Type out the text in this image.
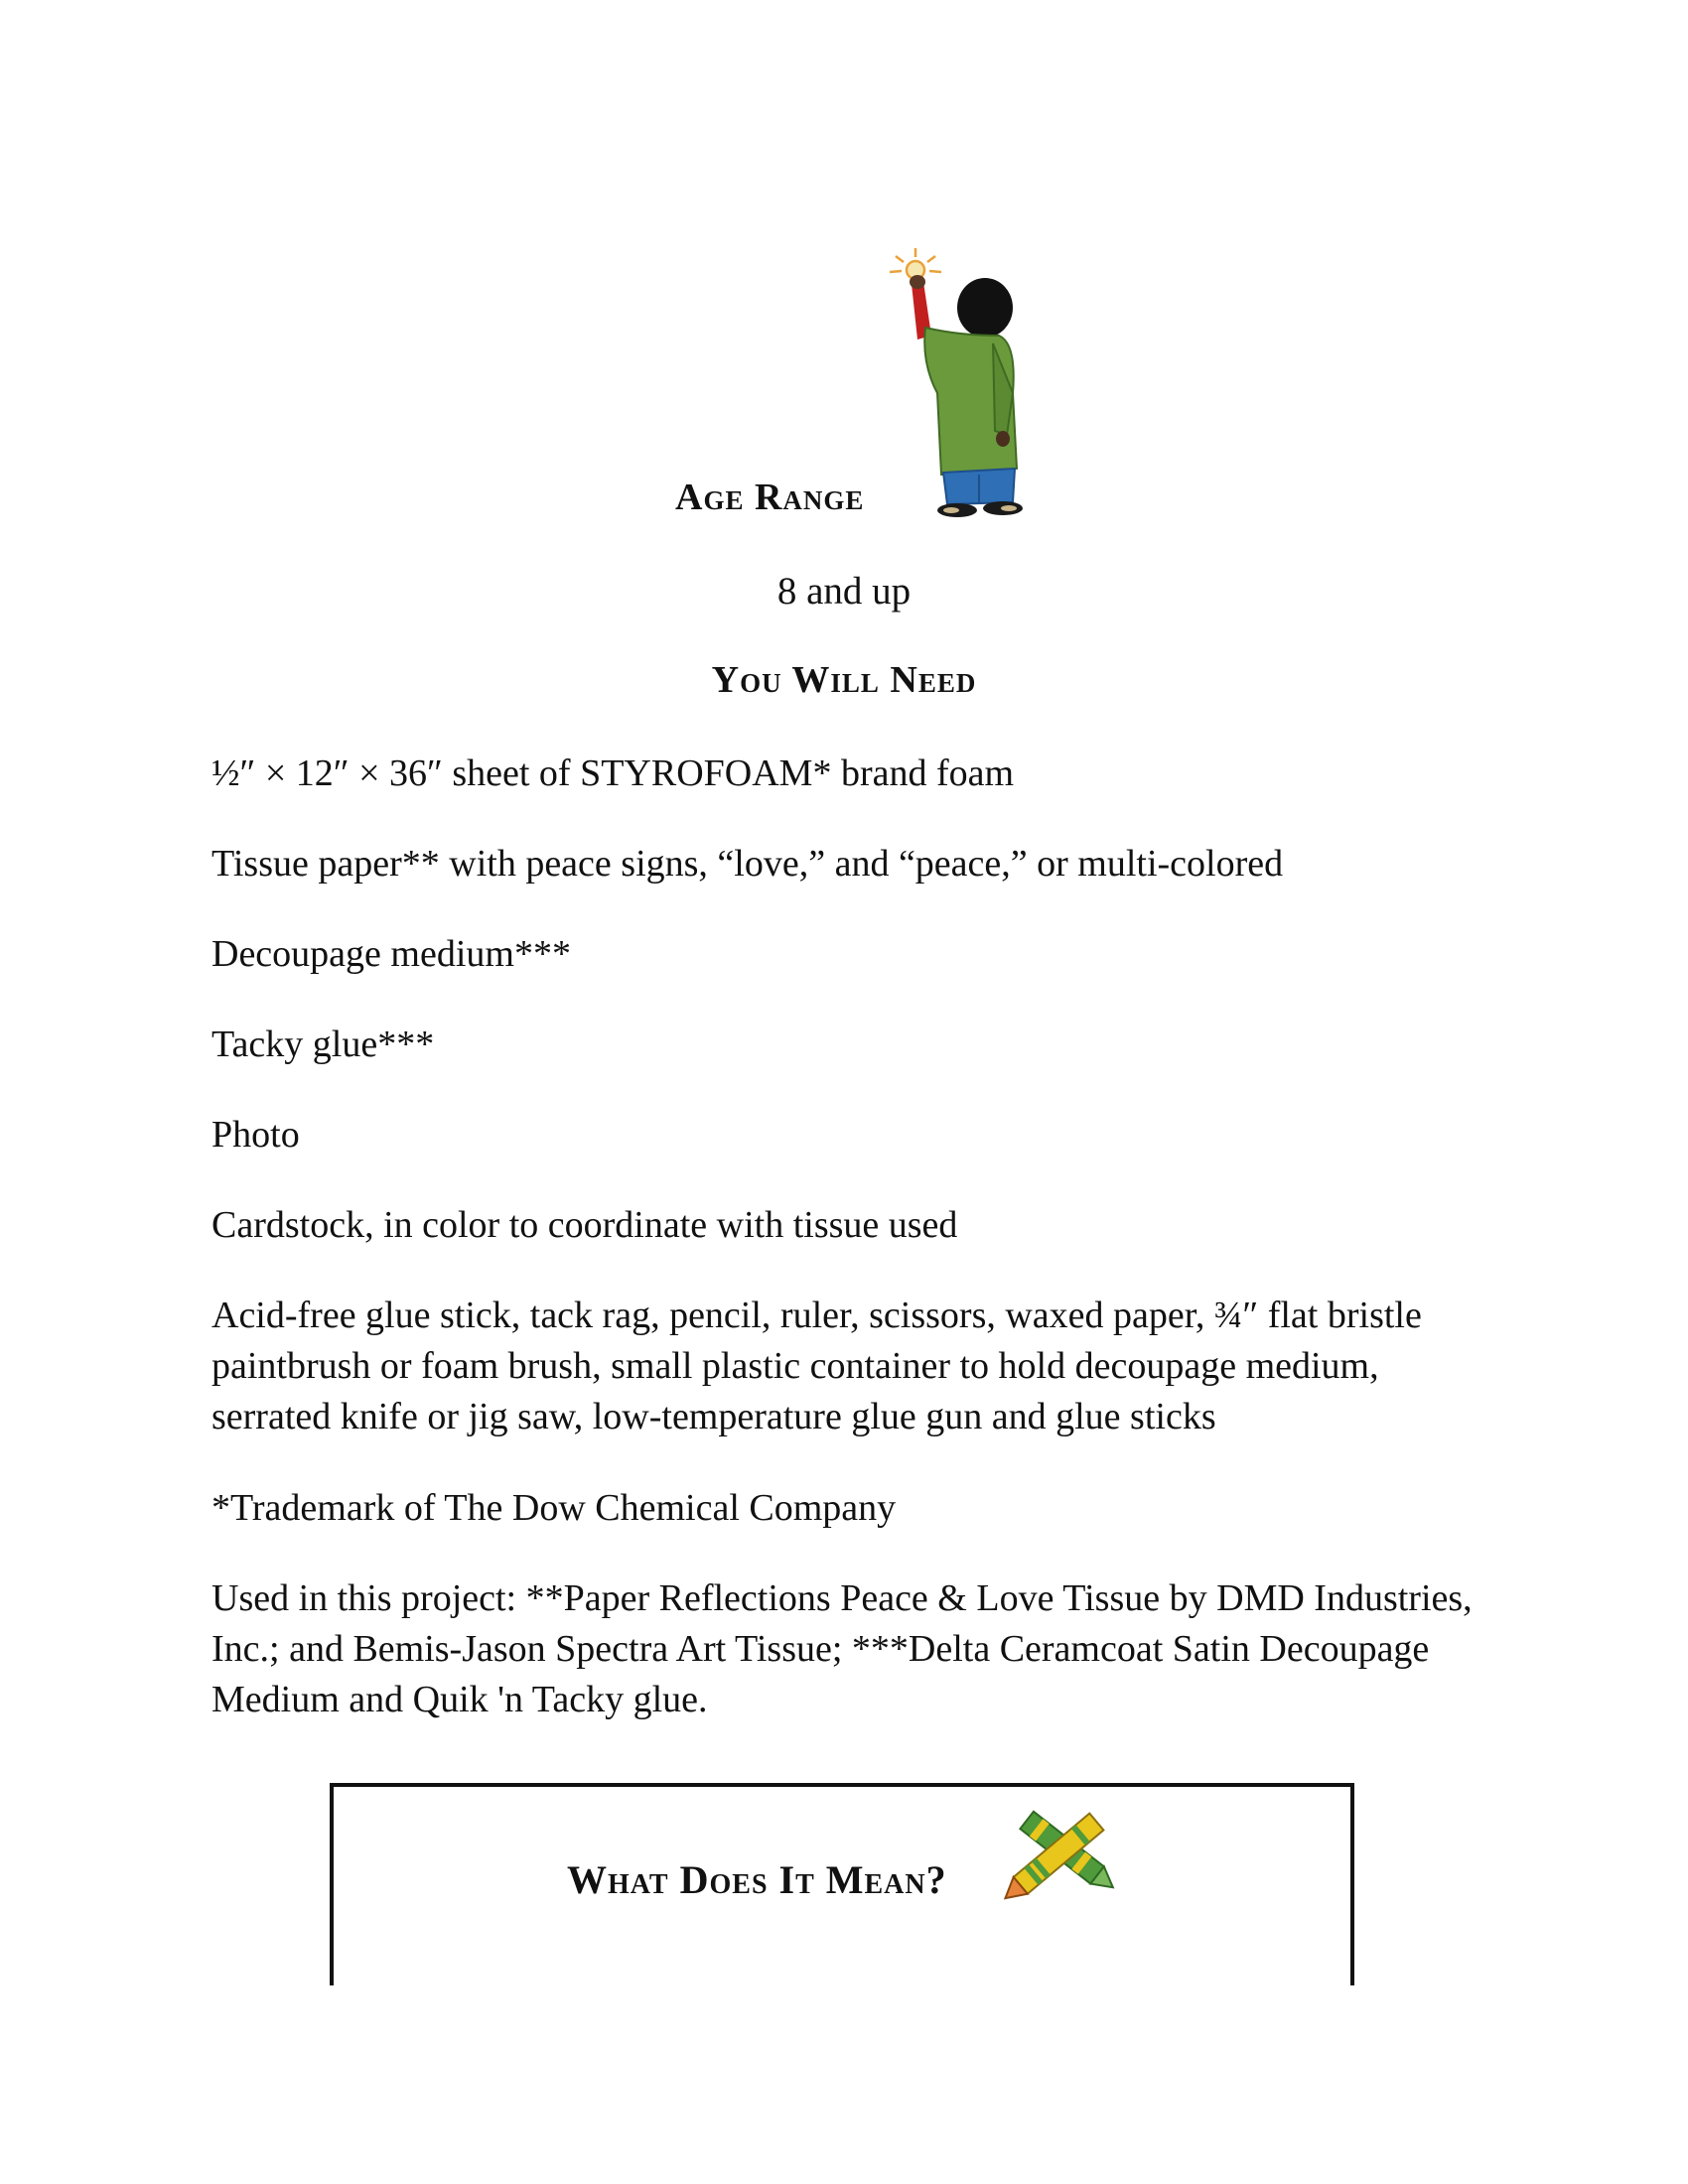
Age Range

8 and up

You Will Need
½″ × 12″ × 36″ sheet of STYROFOAM* brand foam
Tissue paper** with peace signs, “love,” and “peace,” or multi-colored
Decoupage medium***
Tacky glue***
Photo
Cardstock, in color to coordinate with tissue used
Acid-free glue stick, tack rag, pencil, ruler, scissors, waxed paper, ¾″ flat bristle paintbrush or foam brush, small plastic container to hold decoupage medium, serrated knife or jig saw, low-temperature glue gun and glue sticks

*Trademark of The Dow Chemical Company

Used in this project: **Paper Reflections Peace & Love Tissue by DMD Industries, Inc.; and Bemis-Jason Spectra Art Tissue; ***Delta Ceramcoat Satin Decoupage Medium and Quik 'n Tacky glue.

What Does It Mean?
